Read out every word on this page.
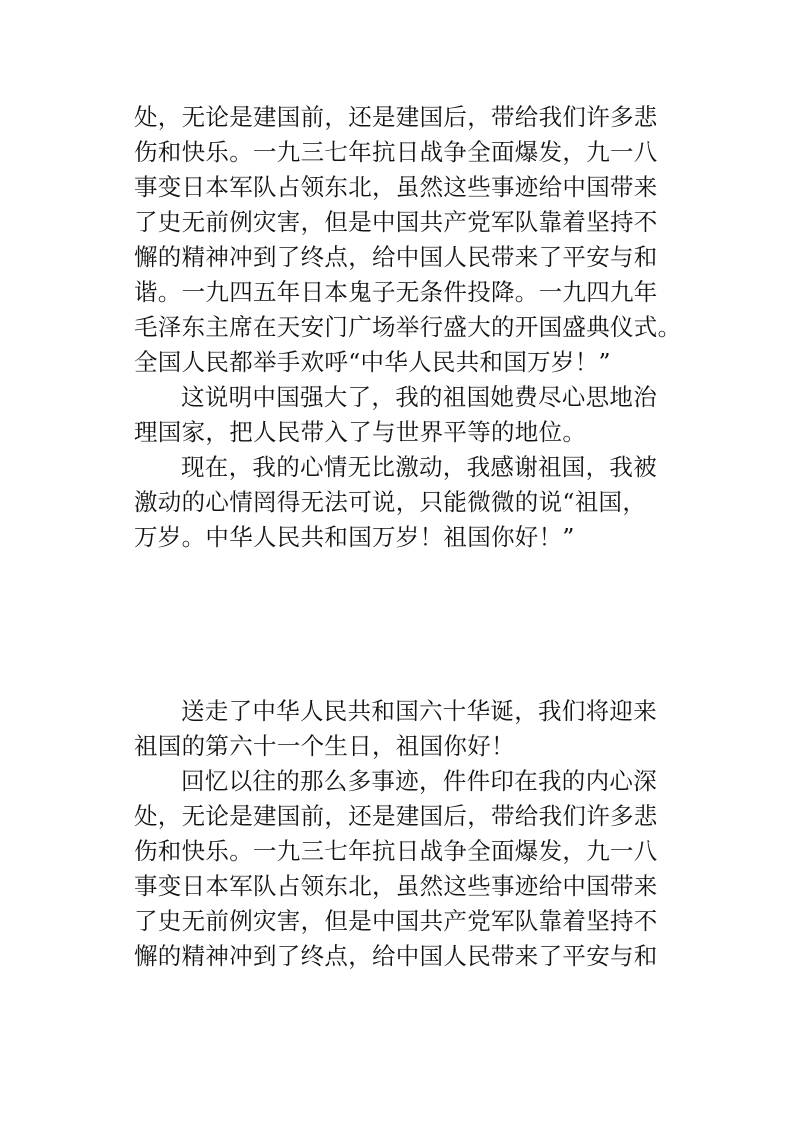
处，无论是建国前，还是建国后，带给我们许多悲
伤和快乐。一九三七年抗日战争全面爆发，九一八
事变日本军队占领东北，虽然这些事迹给中国带来
了史无前例灾害，但是中国共产党军队靠着坚持不
懈的精神冲到了终点，给中国人民带来了平安与和
谐。一九四五年日本鬼子无条件投降。一九四九年
毛泽东主席在天安门广场举行盛大的开国盛典仪式。
全国人民都举手欢呼“中华人民共和国万岁！”
这说明中国强大了，我的祖国她费尽心思地治
理国家，把人民带入了与世界平等的地位。
现在，我的心情无比激动，我感谢祖国，我被
激动的心情罔得无法可说，只能微微的说“祖国，
万岁。中华人民共和国万岁！祖国你好！”
送走了中华人民共和国六十华诞，我们将迎来
祖国的第六十一个生日，祖国你好！
回忆以往的那么多事迹，件件印在我的内心深
处，无论是建国前，还是建国后，带给我们许多悲
伤和快乐。一九三七年抗日战争全面爆发，九一八
事变日本军队占领东北，虽然这些事迹给中国带来
了史无前例灾害，但是中国共产党军队靠着坚持不
懈的精神冲到了终点，给中国人民带来了平安与和
